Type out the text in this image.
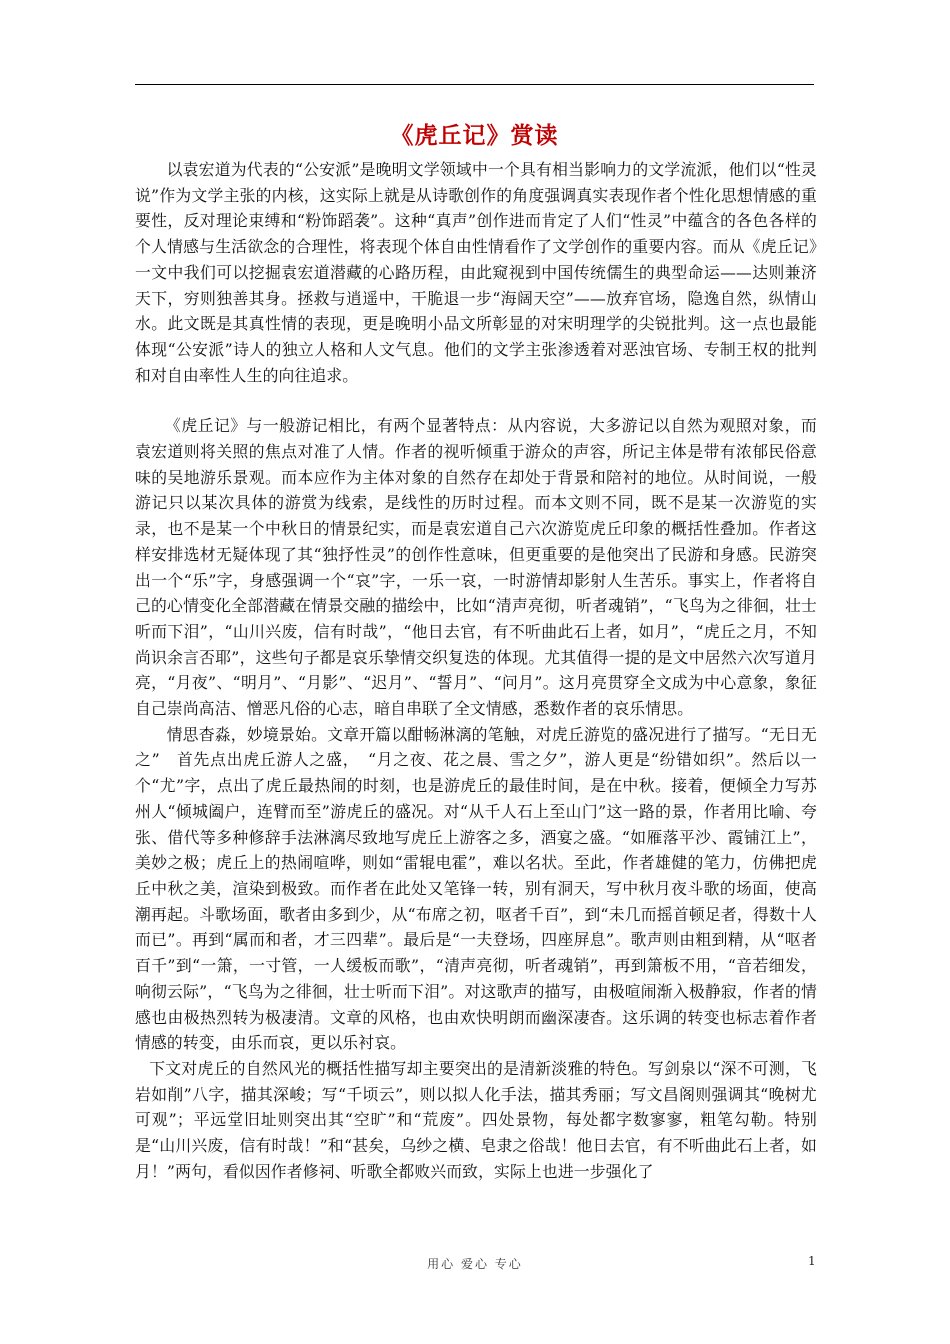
《虎丘记》赏读

以袁宏道为代表的“公安派”是晚明文学领域中一个具有相当影响力的文学流派，他们以“性灵说”作为文学主张的内核，这实际上就是从诗歌创作的角度强调真实表现作者个性化思想情感的重要性，反对理论束缚和“粉饰蹈袭”。这种“真声”创作进而肯定了人们“性灵”中蕴含的各色各样的个人情感与生活欲念的合理性，将表现个体自由性情看作了文学创作的重要内容。而从《虎丘记》一文中我们可以挖掘袁宏道潜藏的心路历程，由此窥视到中国传统儒生的典型命运——达则兼济天下，穷则独善其身。拯救与逍遥中，干脆退一步“海阔天空”——放弃官场，隐逸自然，纵情山水。此文既是其真性情的表现，更是晚明小品文所彰显的对宋明理学的尖锐批判。这一点也最能体现“公安派”诗人的独立人格和人文气息。他们的文学主张渗透着对恶浊官场、专制王权的批判和对自由率性人生的向往追求。

《虎丘记》与一般游记相比，有两个显著特点：从内容说，大多游记以自然为观照对象，而袁宏道则将关照的焦点对准了人情。作者的视听倾重于游众的声容，所记主体是带有浓郁民俗意味的吴地游乐景观。而本应作为主体对象的自然存在却处于背景和陪衬的地位。从时间说，一般游记只以某次具体的游赏为线索，是线性的历时过程。而本文则不同，既不是某一次游览的实录，也不是某一个中秋日的情景纪实，而是袁宏道自己六次游览虎丘印象的概括性叠加。作者这样安排选材无疑体现了其“独抒性灵”的创作性意味，但更重要的是他突出了民游和身感。民游突出一个“乐”字，身感强调一个“哀”字，一乐一哀，一时游情却影射人生苦乐。事实上，作者将自己的心情变化全部潜藏在情景交融的描绘中，比如“清声亮彻，听者魂销”，“飞鸟为之徘徊，壮士听而下泪”，“山川兴废，信有时哉”，“他日去官，有不听曲此石上者，如月”，“虎丘之月，不知尚识余言否耶”，这些句子都是哀乐挚情交织复迭的体现。尤其值得一提的是文中居然六次写道月亮，“月夜”、“明月”、“月影”、“迟月”、“誓月”、“问月”。这月亮贯穿全文成为中心意象，象征自己崇尚高洁、憎恶凡俗的心志，暗自串联了全文情感，悉数作者的哀乐情思。

情思杳淼，妙境景始。文章开篇以酣畅淋漓的笔触，对虎丘游览的盛况进行了描写。“无日无之”　首先点出虎丘游人之盛，　“月之夜、花之晨、雪之夕”，游人更是“纷错如织”。然后以一个“尤”字，点出了虎丘最热闹的时刻，也是游虎丘的最佳时间，是在中秋。接着，便倾全力写苏州人“倾城阖户，连臂而至”游虎丘的盛况。对“从千人石上至山门”这一路的景，作者用比喻、夸张、借代等多种修辞手法淋漓尽致地写虎丘上游客之多，酒宴之盛。“如雁落平沙、霞铺江上”，美妙之极；虎丘上的热闹喧哗，则如“雷辊电霍”，难以名状。至此，作者雄健的笔力，仿佛把虎丘中秋之美，渲染到极致。而作者在此处又笔锋一转，别有洞天，写中秋月夜斗歌的场面，使高潮再起。斗歌场面，歌者由多到少，从“布席之初，呕者千百”，到“未几而摇首顿足者，得数十人而已”。再到“属而和者，才三四辈”。最后是“一夫登场，四座屏息”。歌声则由粗到精，从“呕者百千”到“一箫，一寸管，一人缓板而歌”，“清声亮彻，听者魂销”，再到箫板不用，“音若细发，响彻云际”，“飞鸟为之徘徊，壮士听而下泪”。对这歌声的描写，由极喧闹渐入极静寂，作者的情感也由极热烈转为极凄清。文章的风格，也由欢快明朗而幽深凄杳。这乐调的转变也标志着作者情感的转变，由乐而哀，更以乐衬哀。

下文对虎丘的自然风光的概括性描写却主要突出的是清新淡雅的特色。写剑泉以“深不可测，飞岩如削”八字，描其深峻；写“千顷云”，则以拟人化手法，描其秀丽；写文昌阁则强调其“晚树尤可观”；平远堂旧址则突出其“空旷”和“荒废”。四处景物，每处都字数寥寥，粗笔勾勒。特别是“山川兴废，信有时哉！”和“甚矣，乌纱之横、皂隶之俗哉！他日去官，有不听曲此石上者，如月！”两句，看似因作者修祠、听歌全都败兴而致，实际上也进一步强化了

用心 爱心 专心	1
